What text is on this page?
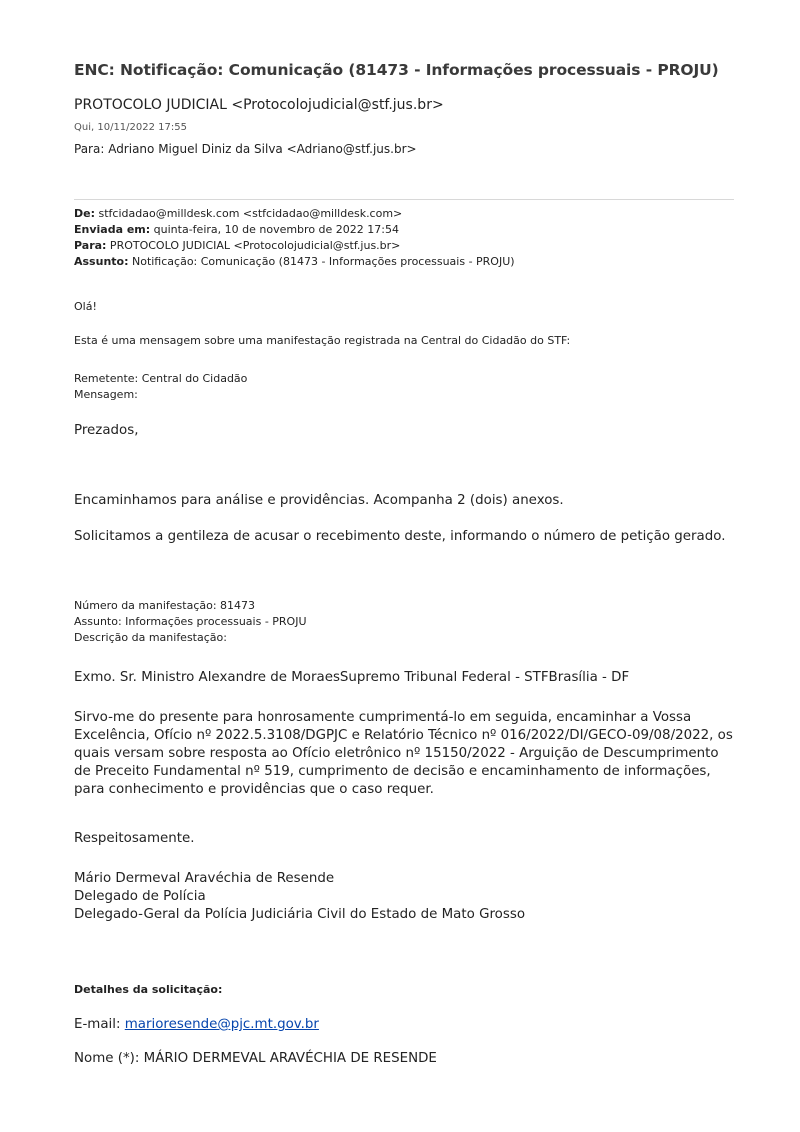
ENC: Notificação: Comunicação (81473 - Informações processuais - PROJU)
PROTOCOLO JUDICIAL <Protocolojudicial@stf.jus.br>
Qui, 10/11/2022 17:55
Para: Adriano Miguel Diniz da Silva <Adriano@stf.jus.br>
De: stfcidadao@milldesk.com <stfcidadao@milldesk.com>
Enviada em: quinta-feira, 10 de novembro de 2022 17:54
Para: PROTOCOLO JUDICIAL <Protocolojudicial@stf.jus.br>
Assunto: Notificação: Comunicação (81473 - Informações processuais - PROJU)
Olá!
Esta é uma mensagem sobre uma manifestação registrada na Central do Cidadão do STF:
Remetente: Central do Cidadão
Mensagem:
Prezados,
Encaminhamos para análise e providências. Acompanha 2 (dois) anexos.
Solicitamos a gentileza de acusar o recebimento deste, informando o número de petição gerado.
Número da manifestação: 81473
Assunto: Informações processuais - PROJU
Descrição da manifestação:
Exmo. Sr. Ministro Alexandre de MoraesSupremo Tribunal Federal - STFBrasília - DF
Sirvo-me do presente para honrosamente cumprimentá-lo em seguida, encaminhar a Vossa
Excelência, Ofício nº 2022.5.3108/DGPJC e Relatório Técnico nº 016/2022/DI/GECO-09/08/2022, os
quais versam sobre resposta ao Ofício eletrônico nº 15150/2022 - Arguição de Descumprimento
de Preceito Fundamental nº 519, cumprimento de decisão e encaminhamento de informações,
para conhecimento e providências que o caso requer.
Respeitosamente.
Mário Dermeval Aravéchia de Resende
Delegado de Polícia
Delegado-Geral da Polícia Judiciária Civil do Estado de Mato Grosso
Detalhes da solicitação:
E-mail: marioresende@pjc.mt.gov.br
Nome (*): MÁRIO DERMEVAL ARAVÉCHIA DE RESENDE
